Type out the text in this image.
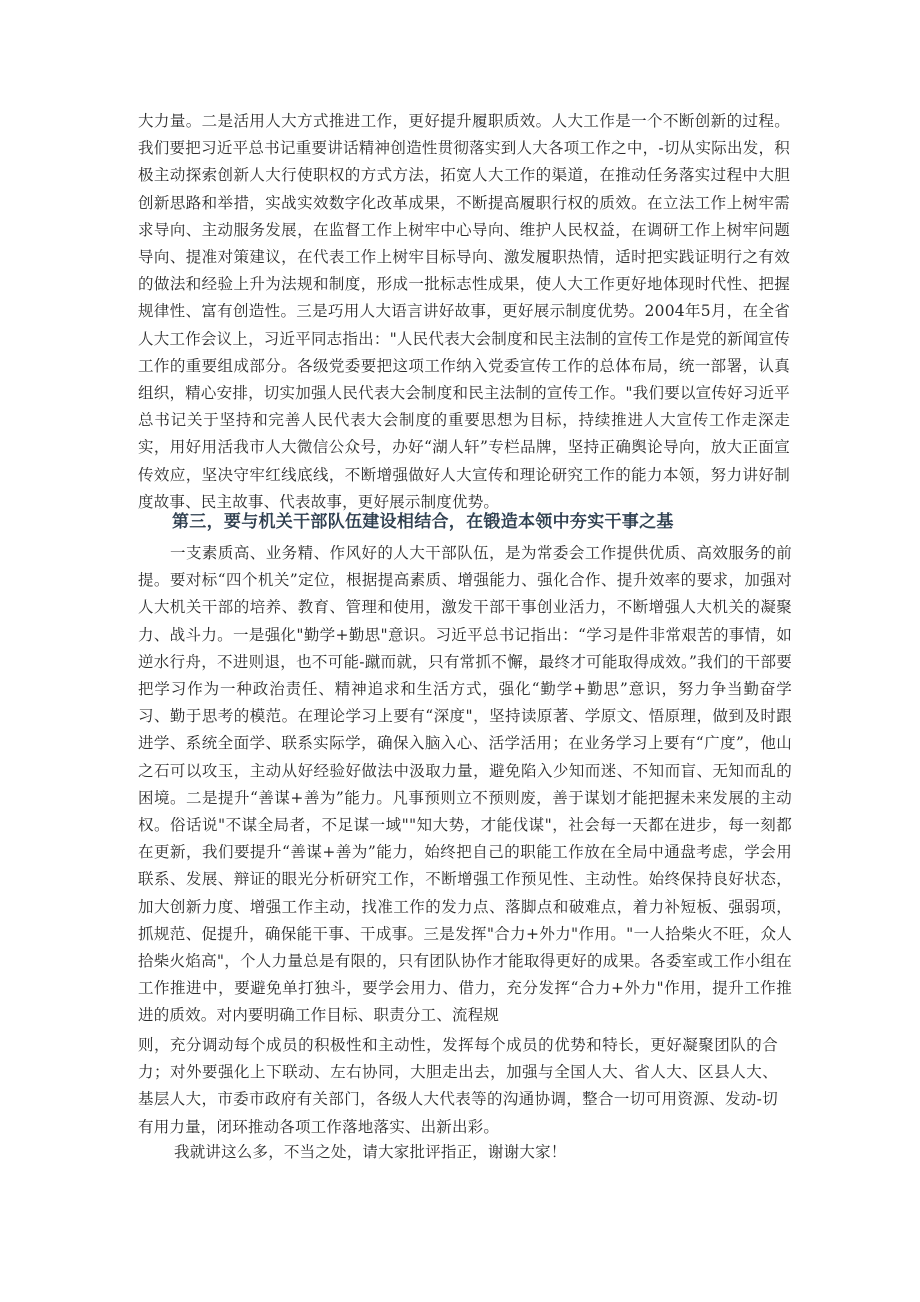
大力量。二是活用人大方式推进工作，更好提升履职质效。人大工作是一个不断创新的过程。我们要把习近平总书记重要讲话精神创造性贯彻落实到人大各项工作之中，-切从实际出发，积极主动探索创新人大行使职权的方式方法，拓宽人大工作的渠道，在推动任务落实过程中大胆创新思路和举措，实战实效数字化改革成果，不断提高履职行权的质效。在立法工作上树牢需求导向、主动服务发展，在监督工作上树牢中心导向、维护人民权益，在调研工作上树牢问题导向、提准对策建议，在代表工作上树牢目标导向、激发履职热情，适时把实践证明行之有效的做法和经验上升为法规和制度，形成一批标志性成果，使人大工作更好地体现时代性、把握规律性、富有创造性。三是巧用人大语言讲好故事，更好展示制度优势。2004年5月，在全省人大工作会议上，习近平同志指出："人民代表大会制度和民主法制的宣传工作是党的新闻宣传工作的重要组成部分。各级党委要把这项工作纳入党委宣传工作的总体布局，统一部署，认真组织，精心安排，切实加强人民代表大会制度和民主法制的宣传工作。"我们要以宣传好习近平总书记关于坚持和完善人民代表大会制度的重要思想为目标，持续推进人大宣传工作走深走实，用好用活我市人大微信公众号，办好“湖人轩”专栏品牌，坚持正确舆论导向，放大正面宣传效应，坚决守牢红线底线，不断增强做好人大宣传和理论研究工作的能力本领，努力讲好制度故事、民主故事、代表故事，更好展示制度优势。

第三，要与机关干部队伍建设相结合，在锻造本领中夯实干事之基

一支素质高、业务精、作风好的人大干部队伍，是为常委会工作提供优质、高效服务的前提。要对标“四个机关”定位，根据提高素质、增强能力、强化合作、提升效率的要求，加强对人大机关干部的培养、教育、管理和使用，激发干部干事创业活力，不断增强人大机关的凝聚力、战斗力。一是强化"勤学+勤思"意识。习近平总书记指出：“学习是件非常艰苦的事情，如逆水行舟，不进则退，也不可能-蹴而就，只有常抓不懈，最终才可能取得成效。”我们的干部要把学习作为一种政治责任、精神追求和生活方式，强化“勤学+勤思”意识，努力争当勤奋学习、勤于思考的模范。在理论学习上要有“深度"，坚持读原著、学原文、悟原理，做到及时跟进学、系统全面学、联系实际学，确保入脑入心、活学活用；在业务学习上要有“广度”，他山之石可以攻玉，主动从好经验好做法中汲取力量，避免陷入少知而迷、不知而盲、无知而乱的困境。二是提升“善谋+善为”能力。凡事预则立不预则废，善于谋划才能把握未来发展的主动权。俗话说"不谋全局者，不足谋一域""知大势，才能伐谋"，社会每一天都在进步，每一刻都在更新，我们要提升“善谋+善为”能力，始终把自己的职能工作放在全局中通盘考虑，学会用联系、发展、辩证的眼光分析研究工作，不断增强工作预见性、主动性。始终保持良好状态，加大创新力度、增强工作主动，找准工作的发力点、落脚点和破难点，着力补短板、强弱项，抓规范、促提升，确保能干事、干成事。三是发挥"合力+外力"作用。"一人拾柴火不旺，众人拾柴火焰高"，个人力量总是有限的，只有团队协作才能取得更好的成果。各委室或工作小组在工作推进中，要避免单打独斗，要学会用力、借力，充分发挥“合力+外力"作用，提升工作推进的质效。对内要明确工作目标、职责分工、流程规

则，充分调动每个成员的积极性和主动性，发挥每个成员的优势和特长，更好凝聚团队的合力；对外要强化上下联动、左右协同，大胆走出去，加强与全国人大、省人大、区县人大、基层人大，市委市政府有关部门，各级人大代表等的沟通协调，整合一切可用资源、发动-切有用力量，闭环推动各项工作落地落实、出新出彩。

我就讲这么多，不当之处，请大家批评指正，谢谢大家！
